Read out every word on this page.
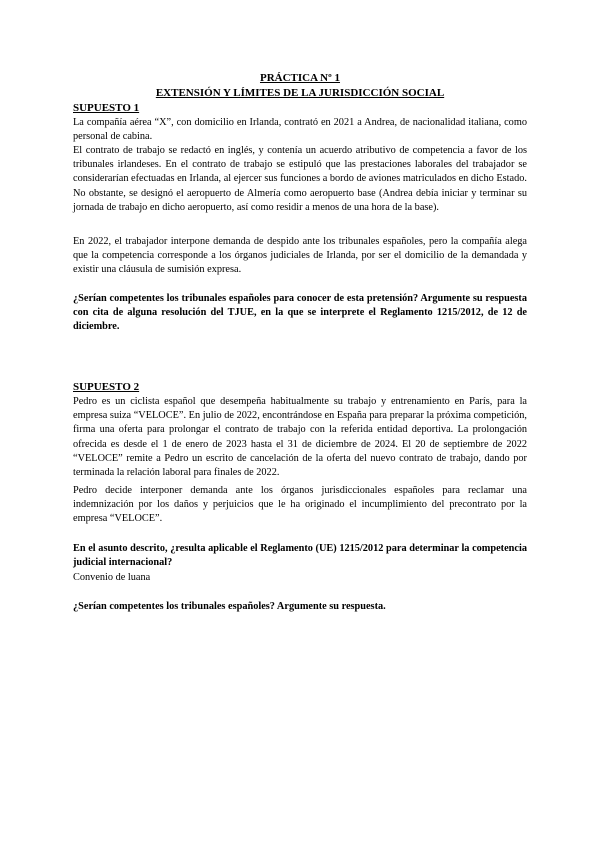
PRÁCTICA Nº 1
EXTENSIÓN Y LÍMITES DE LA JURISDICCIÓN SOCIAL
SUPUESTO 1
La compañía aérea “X”, con domicilio en Irlanda, contrató en 2021 a Andrea, de nacionalidad italiana, como personal de cabina.
El contrato de trabajo se redactó en inglés, y contenía un acuerdo atributivo de competencia a favor de los tribunales irlandeses. En el contrato de trabajo se estipuló que las prestaciones laborales del trabajador se considerarían efectuadas en Irlanda, al ejercer sus funciones a bordo de aviones matriculados en dicho Estado. No obstante, se designó el aeropuerto de Almería como aeropuerto base (Andrea debía iniciar y terminar su jornada de trabajo en dicho aeropuerto, así como residir a menos de una hora de la base).
En 2022, el trabajador interpone demanda de despido ante los tribunales españoles, pero la compañía alega que la competencia corresponde a los órganos judiciales de Irlanda, por ser el domicilio de la demandada y existir una cláusula de sumisión expresa.
¿Serían competentes los tribunales españoles para conocer de esta pretensión? Argumente su respuesta con cita de alguna resolución del TJUE, en la que se interprete el Reglamento 1215/2012, de 12 de diciembre.
SUPUESTO 2
Pedro es un ciclista español que desempeña habitualmente su trabajo y entrenamiento en París, para la empresa suiza “VELOCE”. En julio de 2022, encontrándose en España para preparar la próxima competición, firma una oferta para prolongar el contrato de trabajo con la referida entidad deportiva. La prolongación ofrecida es desde el 1 de enero de 2023 hasta el 31 de diciembre de 2024. El 20 de septiembre de 2022 “VELOCE” remite a Pedro un escrito de cancelación de la oferta del nuevo contrato de trabajo, dando por terminada la relación laboral para finales de 2022.
Pedro decide interponer demanda ante los órganos jurisdiccionales españoles para reclamar una indemnización por los daños y perjuicios que le ha originado el incumplimiento del precontrato por la empresa “VELOCE”.
En el asunto descrito, ¿resulta aplicable el Reglamento (UE) 1215/2012 para determinar la competencia judicial internacional?
Convenio de luana
¿Serían competentes los tribunales españoles? Argumente su respuesta.
